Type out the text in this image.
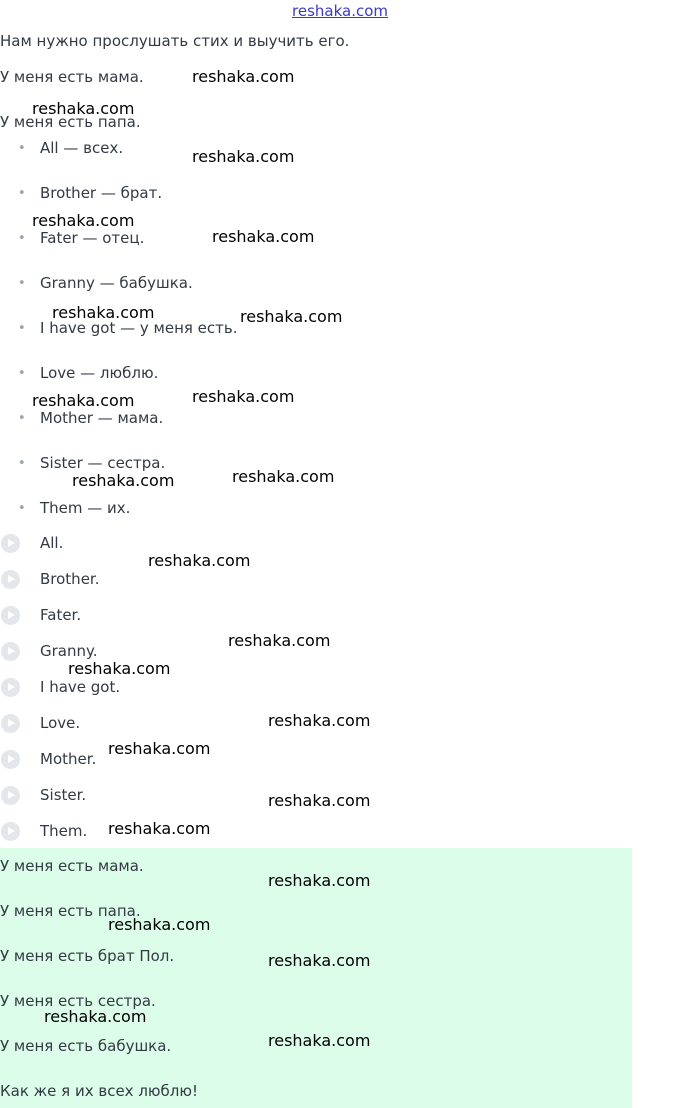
reshaka.com
Нам нужно прослушать стих и выучить его.
У меня есть мама.
У меня есть папа.
• All — всех.
• Brother — брат.
• Fater — отец.
• Granny — бабушка.
• I have got — у меня есть.
• Love — люблю.
• Mother — мама.
• Sister — сестра.
• Them — их.
All.
Brother.
Fater.
Granny.
I have got.
Love.
Mother.
Sister.
Them.
У меня есть мама.
У меня есть папа.
У меня есть брат Пол.
У меня есть сестра.
У меня есть бабушка.
Как же я их всех люблю!
reshaka.com
reshaka.com
reshaka.com
reshaka.com
reshaka.com
reshaka.com	reshaka.com
reshaka.com	reshaka.com
reshaka.com
reshaka.com
reshaka.com
reshaka.com
reshaka.com
reshaka.com
reshaka.com
reshaka.com
reshaka.com
reshaka.com
reshaka.com
reshaka.com
reshaka.com
reshaka.com
